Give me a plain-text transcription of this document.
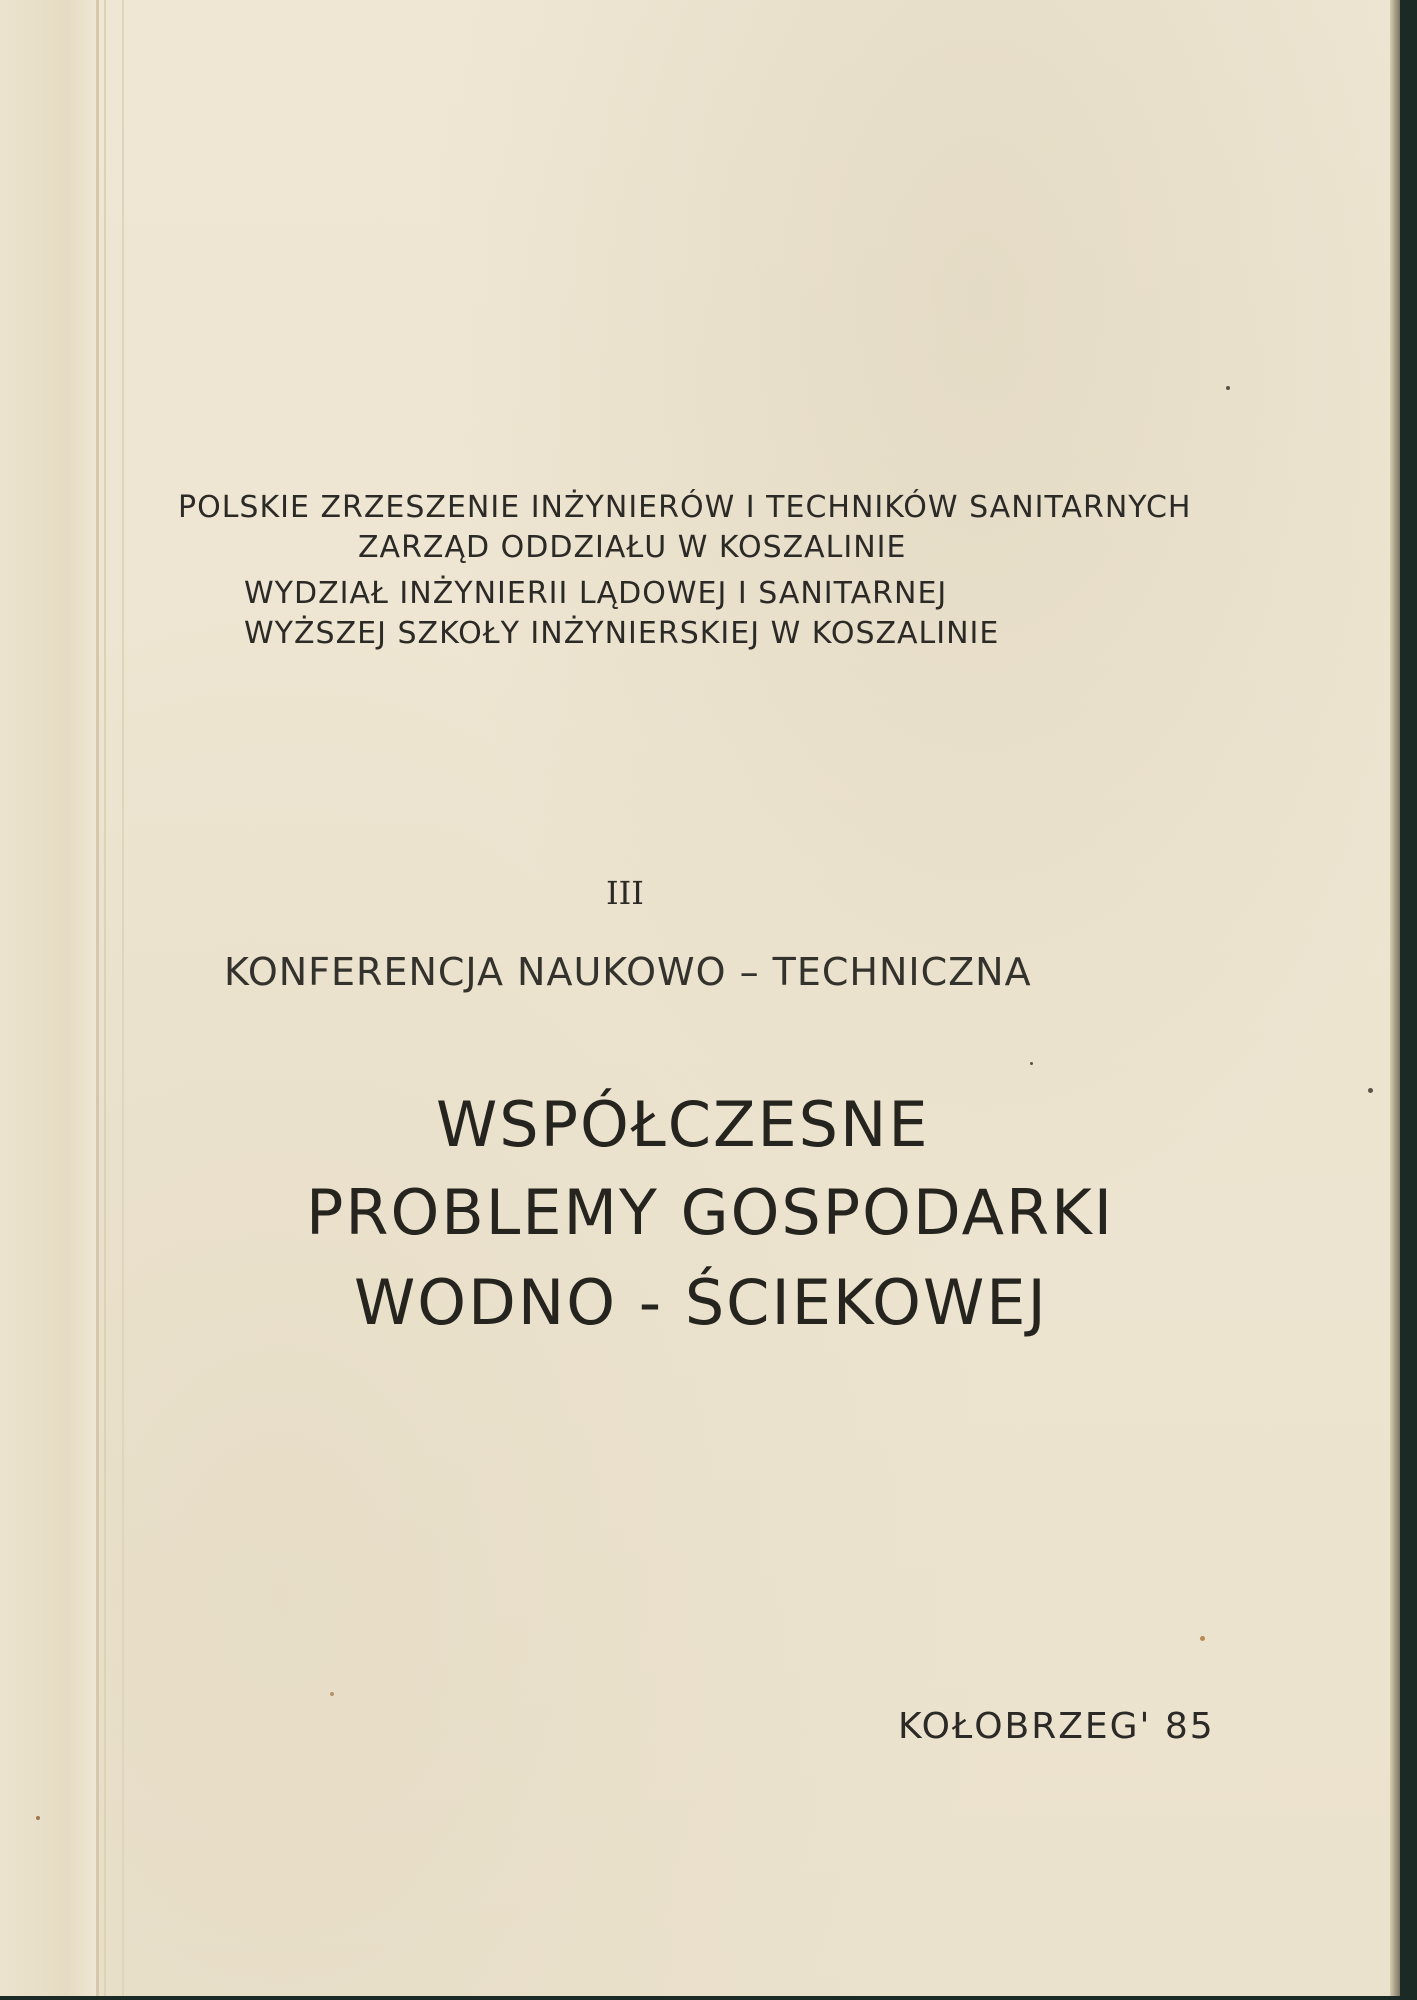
POLSKIE ZRZESZENIE INŻYNIERÓW I TECHNIKÓW SANITARNYCH
ZARZĄD ODDZIAŁU W KOSZALINIE
WYDZIAŁ INŻYNIERII LĄDOWEJ I SANITARNEJ
WYŻSZEJ SZKOŁY INŻYNIERSKIEJ W KOSZALINIE
III
KONFERENCJA NAUKOWO – TECHNICZNA
WSPÓŁCZESNE
PROBLEMY GOSPODARKI
WODNO - ŚCIEKOWEJ
KOŁOBRZEG' 85
